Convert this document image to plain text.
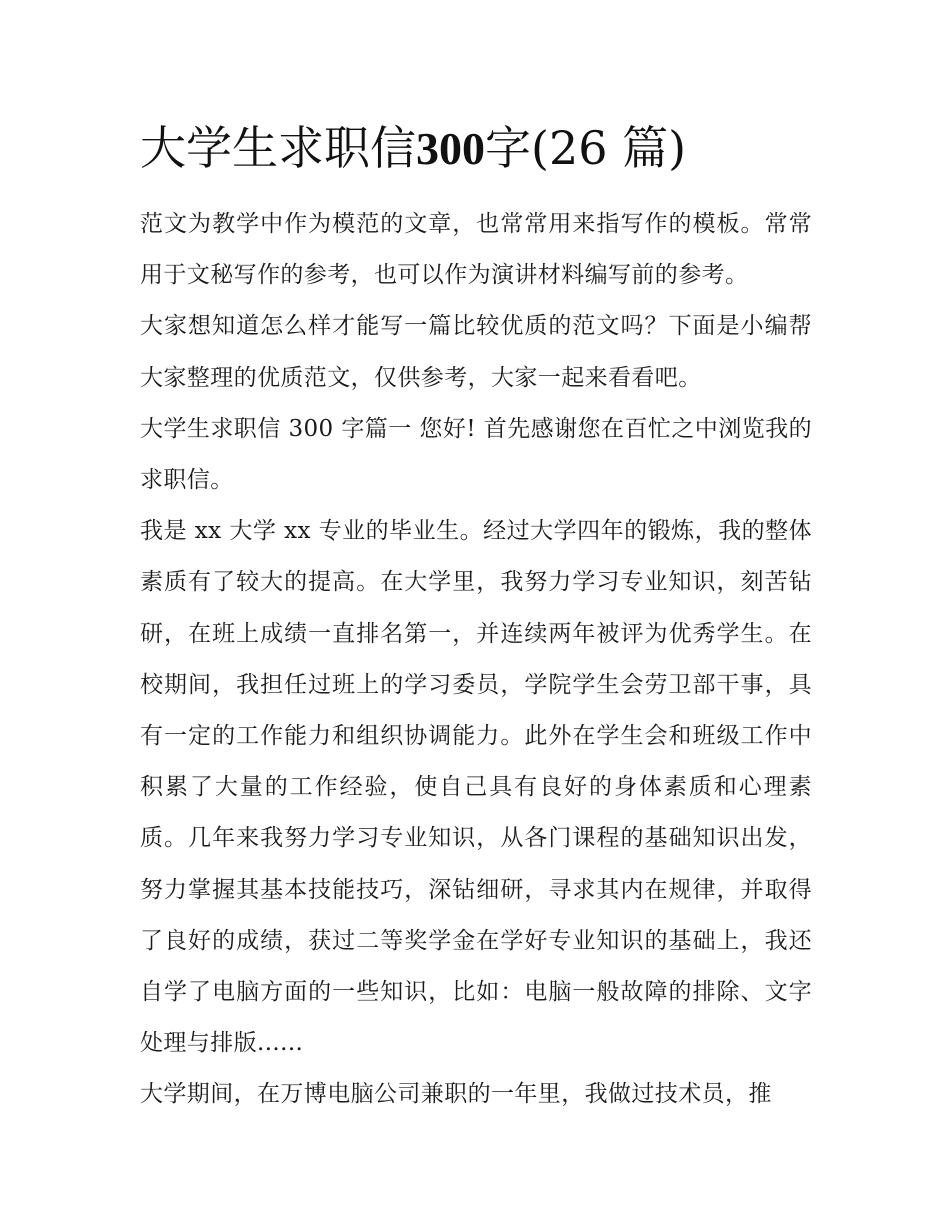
大学生求职信300字(26 篇)

范文为教学中作为模范的文章，也常常用来指写作的模板。常常用于文秘写作的参考，也可以作为演讲材料编写前的参考。

大家想知道怎么样才能写一篇比较优质的范文吗？下面是小编帮大家整理的优质范文，仅供参考，大家一起来看看吧。

大学生求职信 300 字篇一 您好! 首先感谢您在百忙之中浏览我的求职信。

我是 xx 大学 xx 专业的毕业生。经过大学四年的锻炼，我的整体素质有了较大的提高。在大学里，我努力学习专业知识，刻苦钻研，在班上成绩一直排名第一，并连续两年被评为优秀学生。在校期间，我担任过班上的学习委员，学院学生会劳卫部干事，具有一定的工作能力和组织协调能力。此外在学生会和班级工作中积累了大量的工作经验，使自己具有良好的身体素质和心理素质。几年来我努力学习专业知识，从各门课程的基础知识出发，努力掌握其基本技能技巧，深钻细研，寻求其内在规律，并取得了良好的成绩，获过二等奖学金在学好专业知识的基础上，我还自学了电脑方面的一些知识，比如：电脑一般故障的排除、文字处理与排版......

大学期间，在万博电脑公司兼职的一年里，我做过技术员，推
